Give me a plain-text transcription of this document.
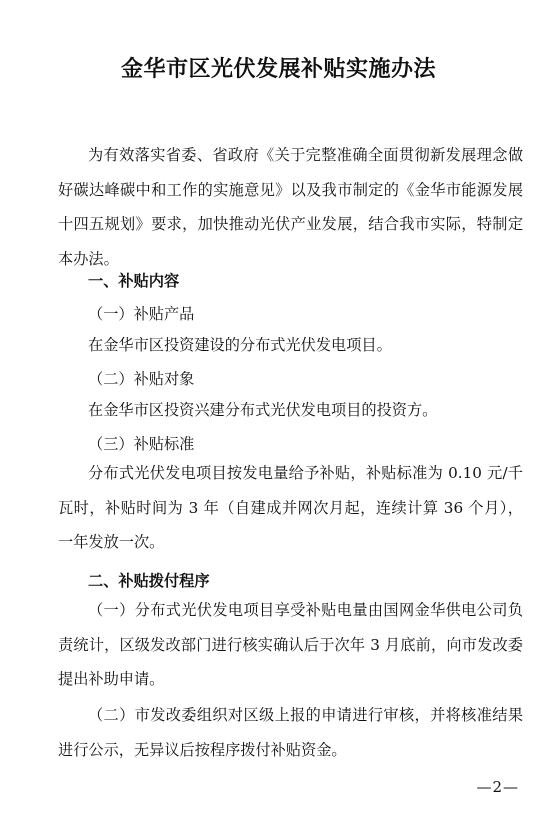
金华市区光伏发展补贴实施办法

为有效落实省委、省政府《关于完整准确全面贯彻新发展理念做好碳达峰碳中和工作的实施意见》以及我市制定的《金华市能源发展十四五规划》要求，加快推动光伏产业发展，结合我市实际，特制定本办法。

一、补贴内容

（一）补贴产品

在金华市区投资建设的分布式光伏发电项目。

（二）补贴对象

在金华市区投资兴建分布式光伏发电项目的投资方。

（三）补贴标准

分布式光伏发电项目按发电量给予补贴，补贴标准为 0.10 元/千瓦时，补贴时间为 3 年（自建成并网次月起，连续计算 36 个月），一年发放一次。

二、补贴拨付程序

（一）分布式光伏发电项目享受补贴电量由国网金华供电公司负责统计，区级发改部门进行核实确认后于次年 3 月底前，向市发改委提出补助申请。

（二）市发改委组织对区级上报的申请进行审核，并将核准结果进行公示，无异议后按程序拨付补贴资金。

—2—
